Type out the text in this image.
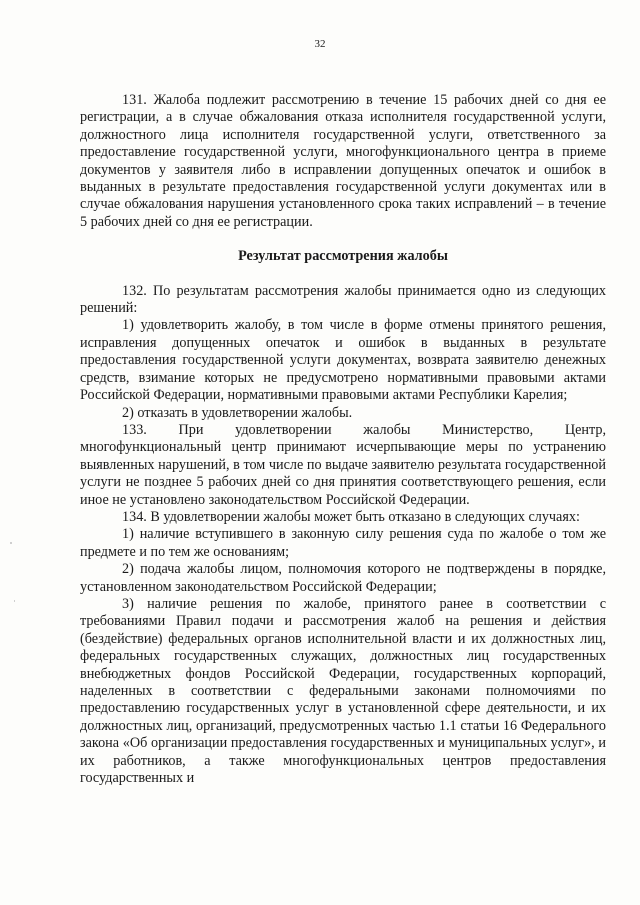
32

131. Жалоба подлежит рассмотрению в течение 15 рабочих дней со дня ее регистрации, а в случае обжалования отказа исполнителя государственной услуги, должностного лица исполнителя государственной услуги, ответственного за предоставление государственной услуги, многофункционального центра в приеме документов у заявителя либо в исправлении допущенных опечаток и ошибок в выданных в результате предоставления государственной услуги документах или в случае обжалования нарушения установленного срока таких исправлений – в течение 5 рабочих дней со дня ее регистрации.

Результат рассмотрения жалобы

132. По результатам рассмотрения жалобы принимается одно из следующих решений:

1) удовлетворить жалобу, в том числе в форме отмены принятого решения, исправления допущенных опечаток и ошибок в выданных в результате предоставления государственной услуги документах, возврата заявителю денежных средств, взимание которых не предусмотрено нормативными правовыми актами Российской Федерации, нормативными правовыми актами Республики Карелия;

2) отказать в удовлетворении жалобы.

133. При удовлетворении жалобы Министерство, Центр, многофункциональный центр принимают исчерпывающие меры по устранению выявленных нарушений, в том числе по выдаче заявителю результата государственной услуги не позднее 5 рабочих дней со дня принятия соответствующего решения, если иное не установлено законодательством Российской Федерации.

134. В удовлетворении жалобы может быть отказано в следующих случаях:

1) наличие вступившего в законную силу решения суда по жалобе о том же предмете и по тем же основаниям;

2) подача жалобы лицом, полномочия которого не подтверждены в порядке, установленном законодательством Российской Федерации;

3) наличие решения по жалобе, принятого ранее в соответствии с требованиями Правил подачи и рассмотрения жалоб на решения и действия (бездействие) федеральных органов исполнительной власти и их должностных лиц, федеральных государственных служащих, должностных лиц государственных внебюджетных фондов Российской Федерации, государственных корпораций, наделенных в соответствии с федеральными законами полномочиями по предоставлению государственных услуг в установленной сфере деятельности, и их должностных лиц, организаций, предусмотренных частью 1.1 статьи 16 Федерального закона «Об организации предоставления государственных и муниципальных услуг», и их работников, а также многофункциональных центров предоставления государственных и
